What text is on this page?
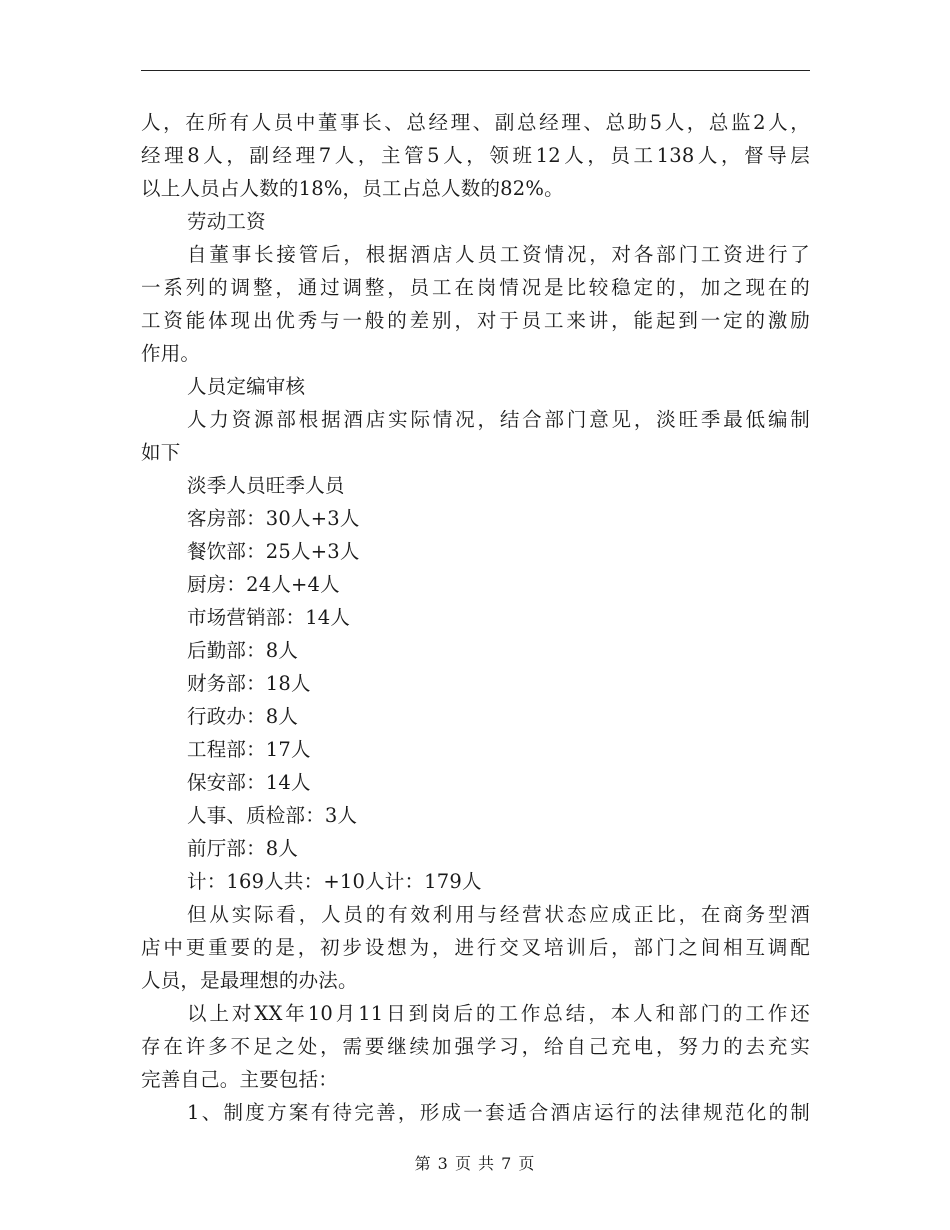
人，在所有人员中董事长、总经理、副总经理、总助5人，总监2人，
经理8人，副经理7人，主管5人，领班12人，员工138人，督导层
以上人员占人数的18%，员工占总人数的82%。
劳动工资
自董事长接管后，根据酒店人员工资情况，对各部门工资进行了
一系列的调整，通过调整，员工在岗情况是比较稳定的，加之现在的
工资能体现出优秀与一般的差别，对于员工来讲，能起到一定的激励
作用。
人员定编审核
人力资源部根据酒店实际情况，结合部门意见，淡旺季最低编制
如下
淡季人员旺季人员
客房部：30人+3人
餐饮部：25人+3人
厨房：24人+4人
市场营销部：14人
后勤部：8人
财务部：18人
行政办：8人
工程部：17人
保安部：14人
人事、质检部：3人
前厅部：8人
计：169人共：+10人计：179人
但从实际看，人员的有效利用与经营状态应成正比，在商务型酒
店中更重要的是，初步设想为，进行交叉培训后，部门之间相互调配
人员，是最理想的办法。
以上对XX年10月11日到岗后的工作总结，本人和部门的工作还
存在许多不足之处，需要继续加强学习，给自己充电，努力的去充实
完善自己。主要包括：
1、制度方案有待完善，形成一套适合酒店运行的法律规范化的制
第 3 页 共 7 页
